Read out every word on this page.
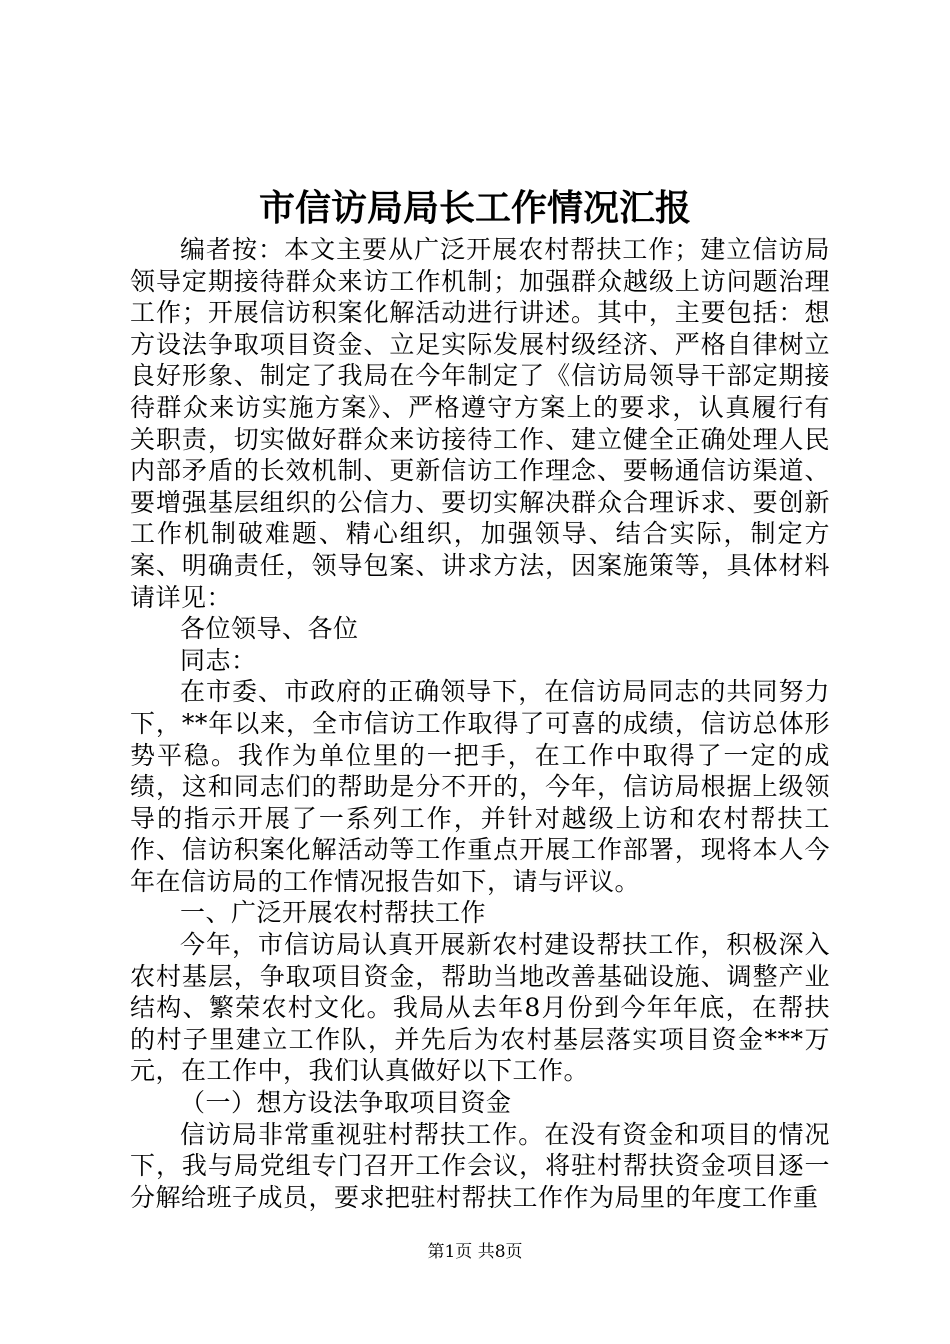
市信访局局长工作情况汇报

编者按：本文主要从广泛开展农村帮扶工作；建立信访局领导定期接待群众来访工作机制；加强群众越级上访问题治理工作；开展信访积案化解活动进行讲述。其中，主要包括：想方设法争取项目资金、立足实际发展村级经济、严格自律树立良好形象、制定了我局在今年制定了《信访局领导干部定期接待群众来访实施方案》、严格遵守方案上的要求，认真履行有关职责，切实做好群众来访接待工作、建立健全正确处理人民内部矛盾的长效机制、更新信访工作理念、要畅通信访渠道、要增强基层组织的公信力、要切实解决群众合理诉求、要创新工作机制破难题、精心组织，加强领导、结合实际，制定方案、明确责任，领导包案、讲求方法，因案施策等，具体材料请详见：

各位领导、各位

同志：

在市委、市政府的正确领导下，在信访局同志的共同努力下，**年以来，全市信访工作取得了可喜的成绩，信访总体形势平稳。我作为单位里的一把手，在工作中取得了一定的成绩，这和同志们的帮助是分不开的，今年，信访局根据上级领导的指示开展了一系列工作，并针对越级上访和农村帮扶工作、信访积案化解活动等工作重点开展工作部署，现将本人今年在信访局的工作情况报告如下，请与评议。

一、广泛开展农村帮扶工作

今年，市信访局认真开展新农村建设帮扶工作，积极深入农村基层，争取项目资金，帮助当地改善基础设施、调整产业结构、繁荣农村文化。我局从去年8月份到今年年底，在帮扶的村子里建立工作队，并先后为农村基层落实项目资金***万元，在工作中，我们认真做好以下工作。

（一）想方设法争取项目资金

信访局非常重视驻村帮扶工作。在没有资金和项目的情况下，我与局党组专门召开工作会议，将驻村帮扶资金项目逐一分解给班子成员，要求把驻村帮扶工作作为局里的年度工作重

第1页 共8页
